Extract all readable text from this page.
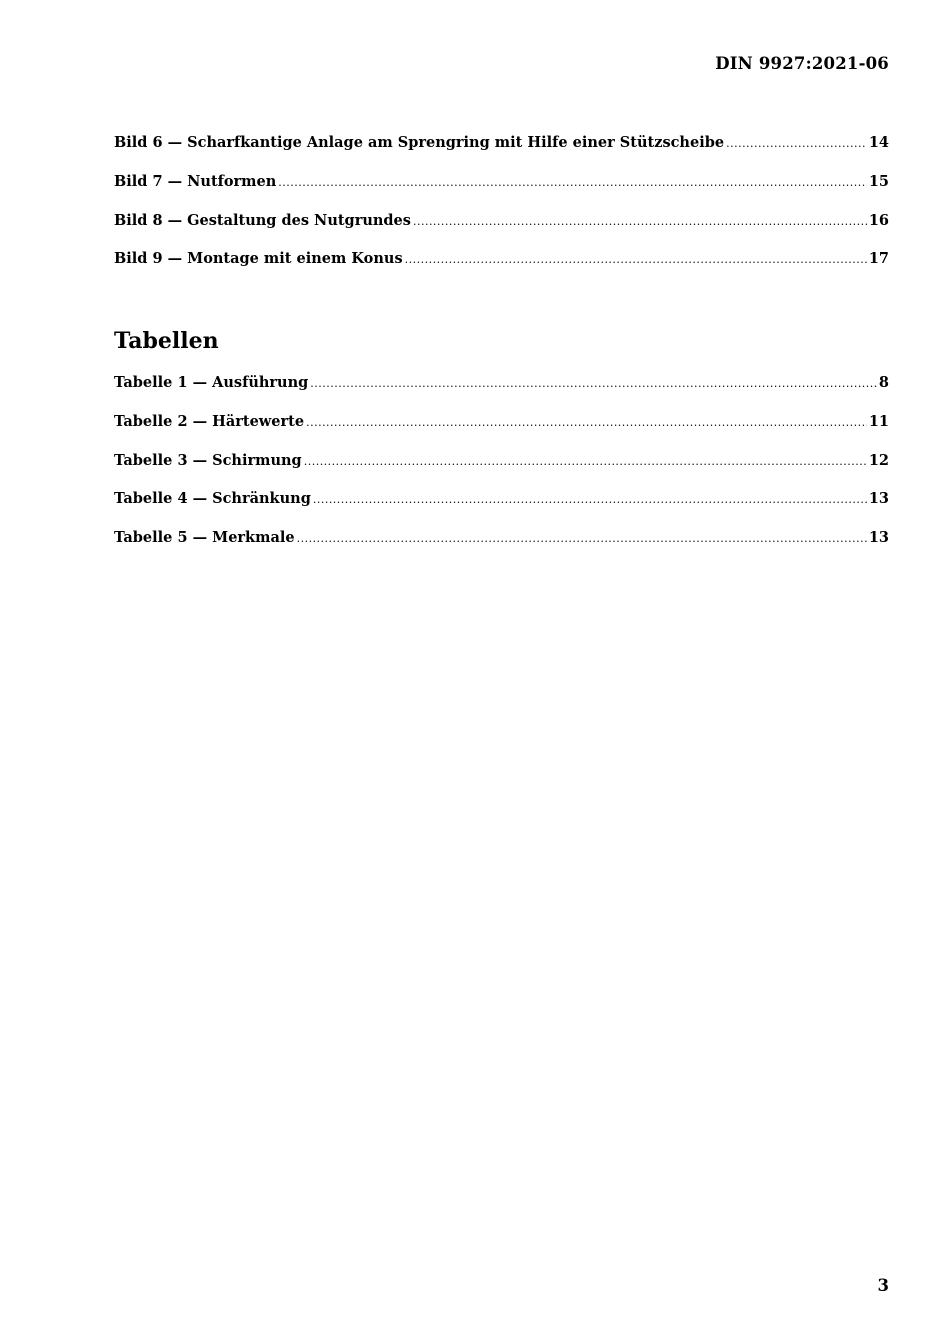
DIN 9927:2021-06
Bild 6 — Scharfkantige Anlage am Sprengring mit Hilfe einer Stützscheibe .....	14
Bild 7 — Nutformen .....	15
Bild 8 — Gestaltung des Nutgrundes .....	16
Bild 9 — Montage mit einem Konus .....	17
Tabellen
Tabelle 1 — Ausführung .....	8
Tabelle 2 — Härtewerte .....	11
Tabelle 3 — Schirmung .....	12
Tabelle 4 — Schränkung .....	13
Tabelle 5 — Merkmale .....	13
3
